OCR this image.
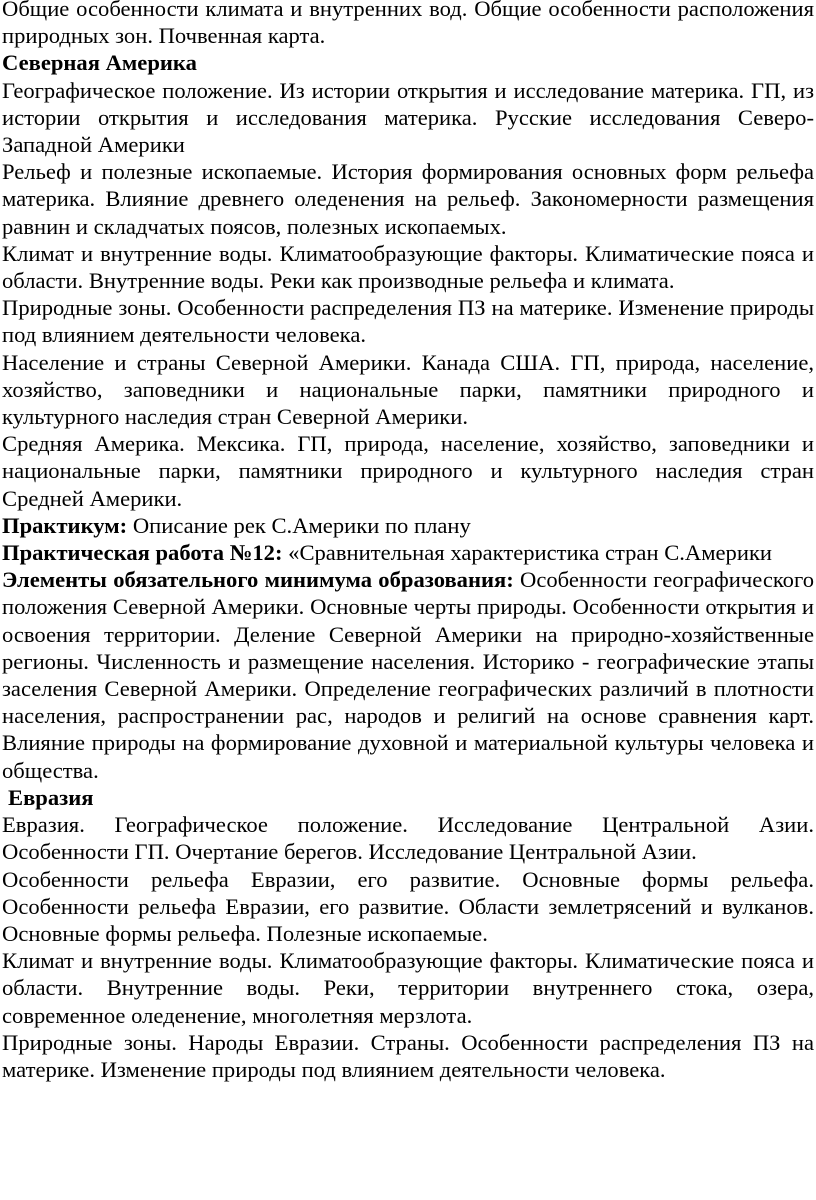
Общие особенности климата и внутренних вод. Общие особенности расположения природных зон. Почвенная карта.

Северная Америка

Географическое положение. Из истории открытия и исследование материка. ГП, из истории открытия и исследования материка. Русские исследования Северо- Западной Америки

Рельеф и полезные ископаемые. История формирования основных форм рельефа материка. Влияние древнего оледенения на рельеф. Закономерности размещения равнин и складчатых поясов, полезных ископаемых.

Климат и внутренние воды. Климатообразующие факторы. Климатические пояса и области. Внутренние воды. Реки как производные рельефа и климата.

Природные зоны. Особенности распределения ПЗ на материке. Изменение природы под влиянием деятельности человека.

Население и страны Северной Америки. Канада США. ГП, природа, население, хозяйство, заповедники и национальные парки, памятники природного и культурного наследия стран Северной Америки.

Средняя Америка. Мексика. ГП, природа, население, хозяйство, заповедники и национальные парки, памятники природного и культурного наследия стран Средней Америки.

Практикум: Описание рек С.Америки по плану

Практическая работа №12: «Сравнительная характеристика стран С.Америки

Элементы обязательного минимума образования: Особенности географического положения Северной Америки. Основные черты природы. Особенности открытия и освоения территории. Деление Северной Америки на природно-хозяйственные регионы. Численность и размещение населения. Историко - географические этапы заселения Северной Америки. Определение географических различий в плотности населения, распространении рас, народов и религий на основе сравнения карт. Влияние природы на формирование духовной и материальной культуры человека и общества.

Евразия

Евразия. Географическое положение. Исследование Центральной Азии. Особенности ГП. Очертание берегов. Исследование Центральной Азии.

Особенности рельефа Евразии, его развитие. Основные формы рельефа. Особенности рельефа Евразии, его развитие. Области землетрясений и вулканов. Основные формы рельефа. Полезные ископаемые.

Климат и внутренние воды. Климатообразующие факторы. Климатические пояса и области. Внутренние воды. Реки, территории внутреннего стока, озера, современное оледенение, многолетняя мерзлота.

Природные зоны. Народы Евразии. Страны. Особенности распределения ПЗ на материке. Изменение природы под влиянием деятельности человека.
